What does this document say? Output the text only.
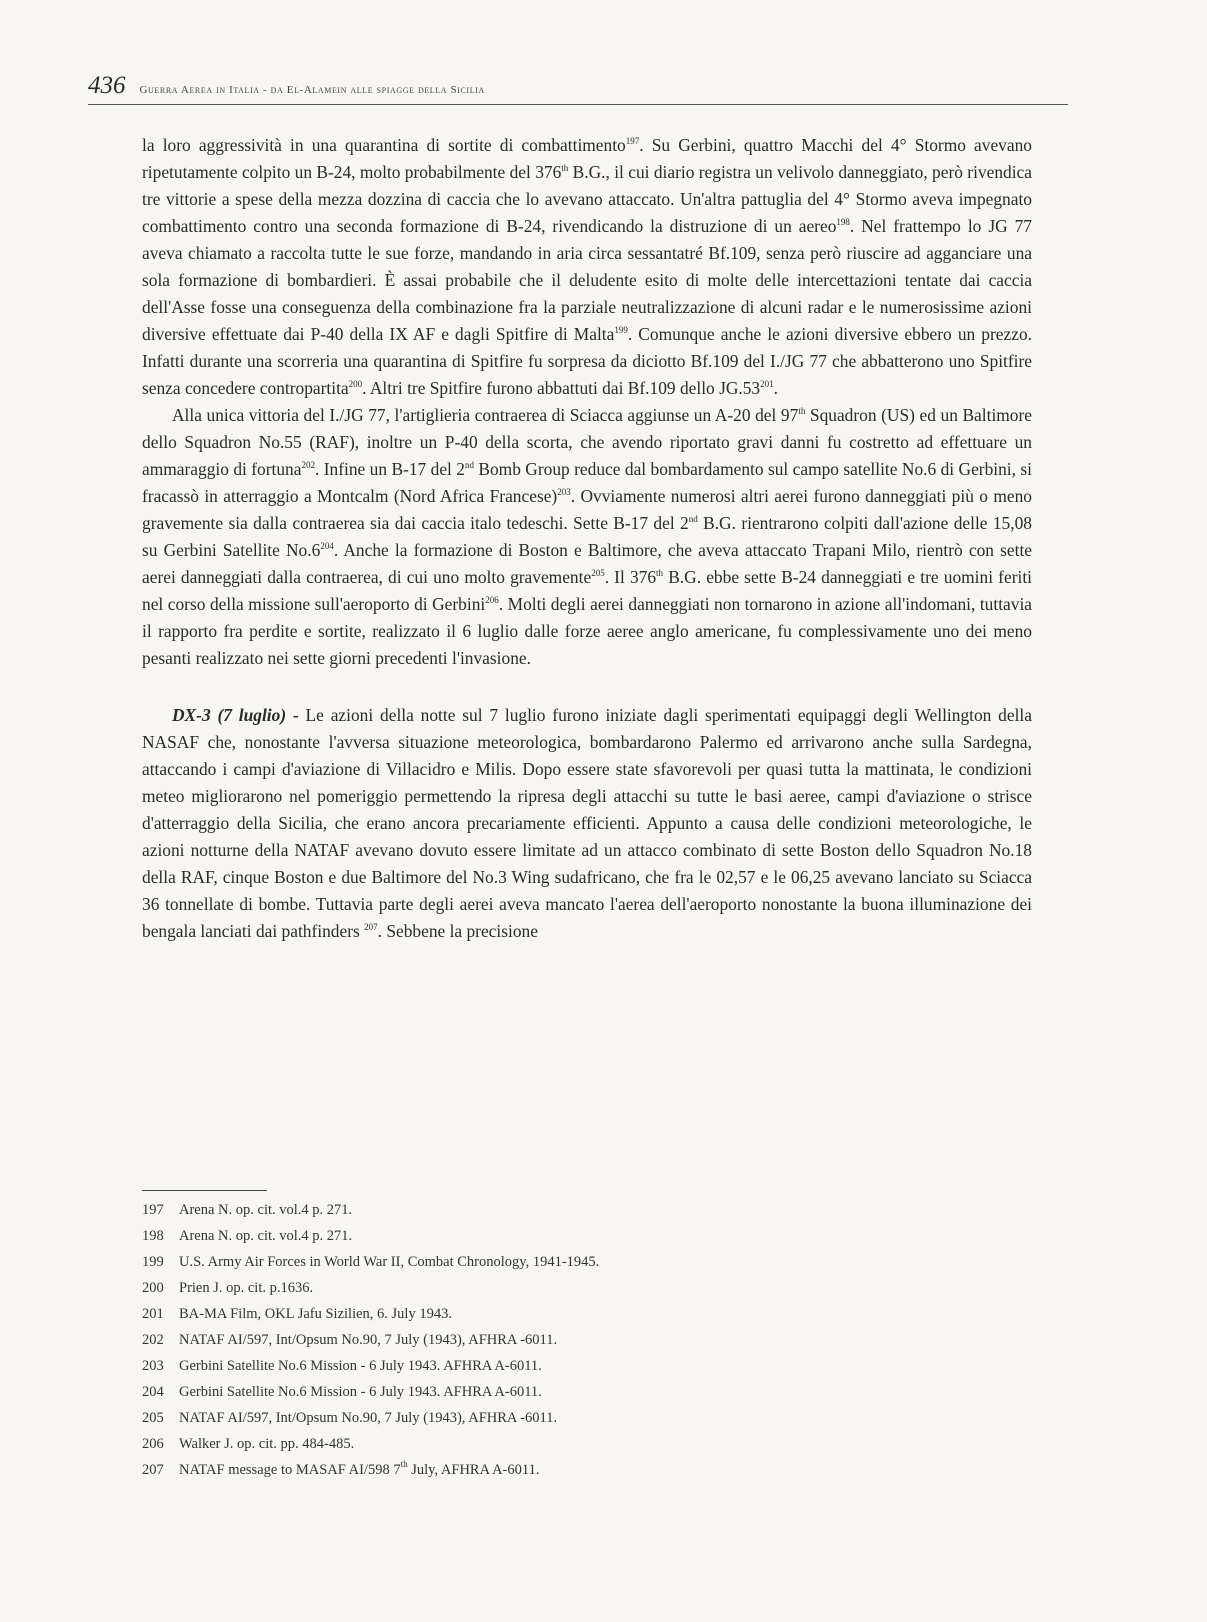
436 Guerra Aerea in Italia - da El-Alamein alle spiagge della Sicilia

la loro aggressività in una quarantina di sortite di combattimento$^{197}$. Su Gerbini, quattro Macchi del 4° Stormo avevano ripetutamente colpito un B-24, molto probabilmente del 376th B.G., il cui diario registra un velivolo danneggiato, però rivendica tre vittorie a spese della mezza dozzina di caccia che lo avevano attaccato. Un'altra pattuglia del 4° Stormo aveva impegnato combattimento contro una seconda formazione di B-24, rivendicando la distruzione di un aereo$^{198}$. Nel frattempo lo JG 77 aveva chiamato a raccolta tutte le sue forze, mandando in aria circa sessantatré Bf.109, senza però riuscire ad agganciare una sola formazione di bombardieri. È assai probabile che il deludente esito di molte delle intercettazioni tentate dai caccia dell'Asse fosse una conseguenza della combinazione fra la parziale neutralizzazione di alcuni radar e le numerosissime azioni diversive effettuate dai P-40 della IX AF e dagli Spitfire di Malta$^{199}$. Comunque anche le azioni diversive ebbero un prezzo. Infatti durante una scorreria una quarantina di Spitfire fu sorpresa da diciotto Bf.109 del I./JG 77 che abbatterono uno Spitfire senza concedere contropartita$^{200}$. Altri tre Spitfire furono abbattuti dai Bf.109 dello $JG.53^{201}$.

Alla unica vittoria del I./JG 77, l'artiglieria contraerea di Sciacca aggiunse un A-20 del 97th Squadron (US) ed un Baltimore dello Squadron No.55 (RAF), inoltre un P-40 della scorta, che avendo riportato gravi danni fu costretto ad effettuare un ammaraggio di fortuna$^{202}$. Infine un B-17 del 2nd Bomb Group reduce dal bombardamento sul campo satellite No.6 di Gerbini, si fracassò in atterraggio a Montcalm (Nord Africa Francese)$^{203}$. Ovviamente numerosi altri aerei furono danneggiati più o meno gravemente sia dalla contraerea sia dai caccia italo tedeschi. Sette B-17 del 2nd B.G. rientrarono colpiti dall'azione delle 15,08 su Gerbini Satellite $No.6^{204}$. Anche la formazione di Boston e Baltimore, che aveva attaccato Trapani Milo, rientrò con sette aerei danneggiati dalla contraerea, di cui uno molto gravemente$^{205}$. Il 376th B.G. ebbe sette B-24 danneggiati e tre uomini feriti nel corso della missione sull'aeroporto di Gerbini$^{206}$. Molti degli aerei danneggiati non tornarono in azione all'indomani, tuttavia il rapporto fra perdite e sortite, realizzato il 6 luglio dalle forze aeree anglo americane, fu complessivamente uno dei meno pesanti realizzato nei sette giorni precedenti l'invasione.

DX-3 (7 luglio) - Le azioni della notte sul 7 luglio furono iniziate dagli sperimentati equipaggi degli Wellington della NASAF che, nonostante l'avversa situazione meteorologica, bombardarono Palermo ed arrivarono anche sulla Sardegna, attaccando i campi d'aviazione di Villacidro e Milis. Dopo essere state sfavorevoli per quasi tutta la mattinata, le condizioni meteo migliorarono nel pomeriggio permettendo la ripresa degli attacchi su tutte le basi aeree, campi d'aviazione o strisce d'atterraggio della Sicilia, che erano ancora precariamente efficienti. Appunto a causa delle condizioni meteorologiche, le azioni notturne della NATAF avevano dovuto essere limitate ad un attacco combinato di sette Boston dello Squadron No.18 della RAF, cinque Boston e due Baltimore del No.3 Wing sudafricano, che fra le 02,57 e le 06,25 avevano lanciato su Sciacca 36 tonnellate di bombe. Tuttavia parte degli aerei aveva mancato l'aerea dell'aeroporto nonostante la buona illuminazione dei bengala lanciati dai pathfinders $^{207}$. Sebbene la precisione

197 Arena N. op. cit. vol.4 p. 271.

198 Arena N. op. cit. vol.4 p. 271.

199 U.S. Army Air Forces in World War II, Combat Chronology, 1941-1945.

200 Prien J. op. cit. p.1636.

201 BA-MA Film, OKL Jafu Sizilien, 6. July 1943.

202 NATAF AI/597, Int/Opsum No.90, 7 July (1943), AFHRA -6011.

203 Gerbini Satellite No.6 Mission - 6 July 1943. AFHRA A-6011.

204 Gerbini Satellite No.6 Mission - 6 July 1943. AFHRA A-6011.

205 NATAF AI/597, Int/Opsum No.90, 7 July (1943), AFHRA -6011.

206 Walker J. op. cit. pp. 484-485.

207 NATAF message to MASAF AI/598 7th July, AFHRA A-6011.
